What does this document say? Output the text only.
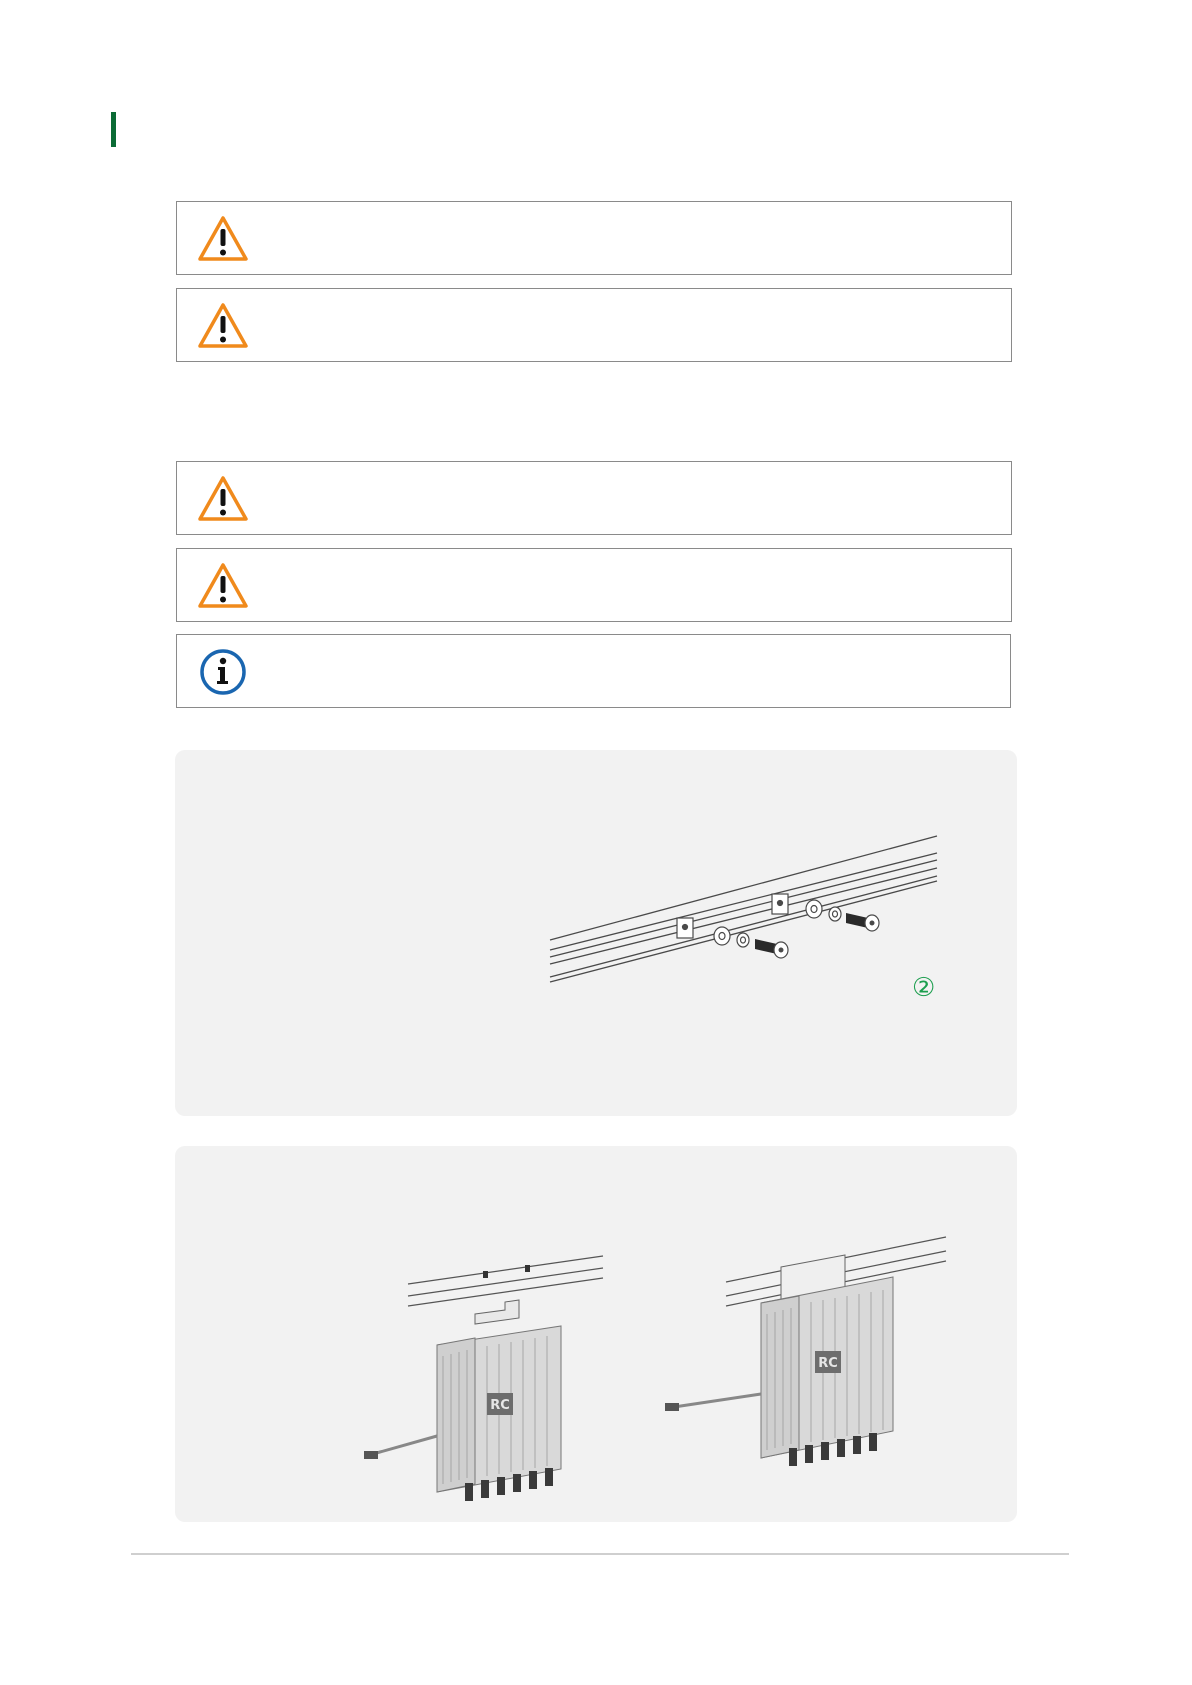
②
RC
RC
